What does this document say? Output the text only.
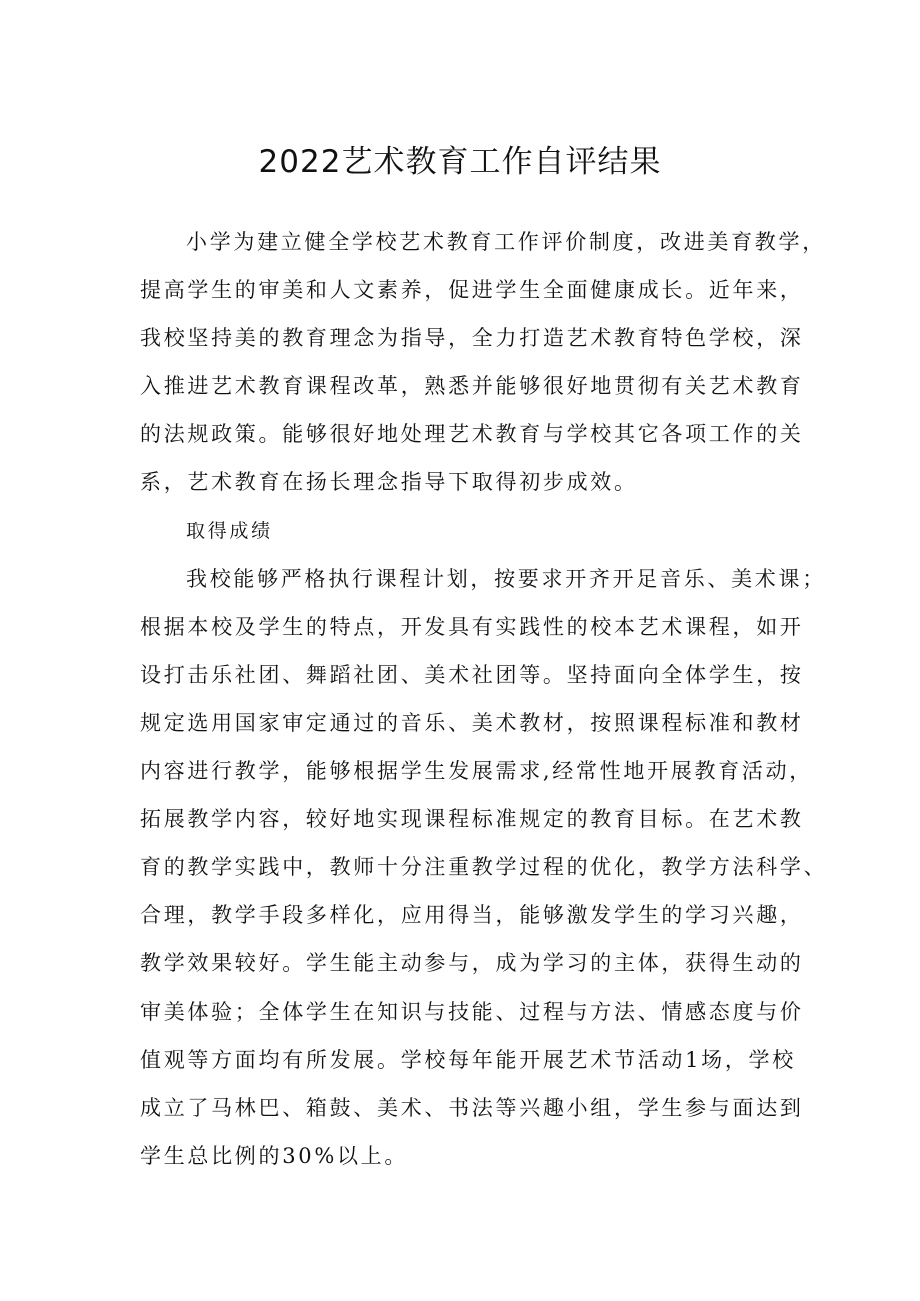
2022艺术教育工作自评结果
小学为建立健全学校艺术教育工作评价制度，改进美育教学，
提高学生的审美和人文素养，促进学生全面健康成长。近年来，
我校坚持美的教育理念为指导，全力打造艺术教育特色学校，深
入推进艺术教育课程改革，熟悉并能够很好地贯彻有关艺术教育
的法规政策。能够很好地处理艺术教育与学校其它各项工作的关
系，艺术教育在扬长理念指导下取得初步成效。
取得成绩
我校能够严格执行课程计划，按要求开齐开足音乐、美术课；
根据本校及学生的特点，开发具有实践性的校本艺术课程，如开
设打击乐社团、舞蹈社团、美术社团等。坚持面向全体学生，按
规定选用国家审定通过的音乐、美术教材，按照课程标准和教材
内容进行教学，能够根据学生发展需求,经常性地开展教育活动，
拓展教学内容，较好地实现课程标准规定的教育目标。在艺术教
育的教学实践中，教师十分注重教学过程的优化，教学方法科学、
合理，教学手段多样化，应用得当，能够激发学生的学习兴趣，
教学效果较好。学生能主动参与，成为学习的主体，获得生动的
审美体验；全体学生在知识与技能、过程与方法、情感态度与价
值观等方面均有所发展。学校每年能开展艺术节活动1场，学校
成立了马林巴、箱鼓、美术、书法等兴趣小组，学生参与面达到
学生总比例的30%以上。
